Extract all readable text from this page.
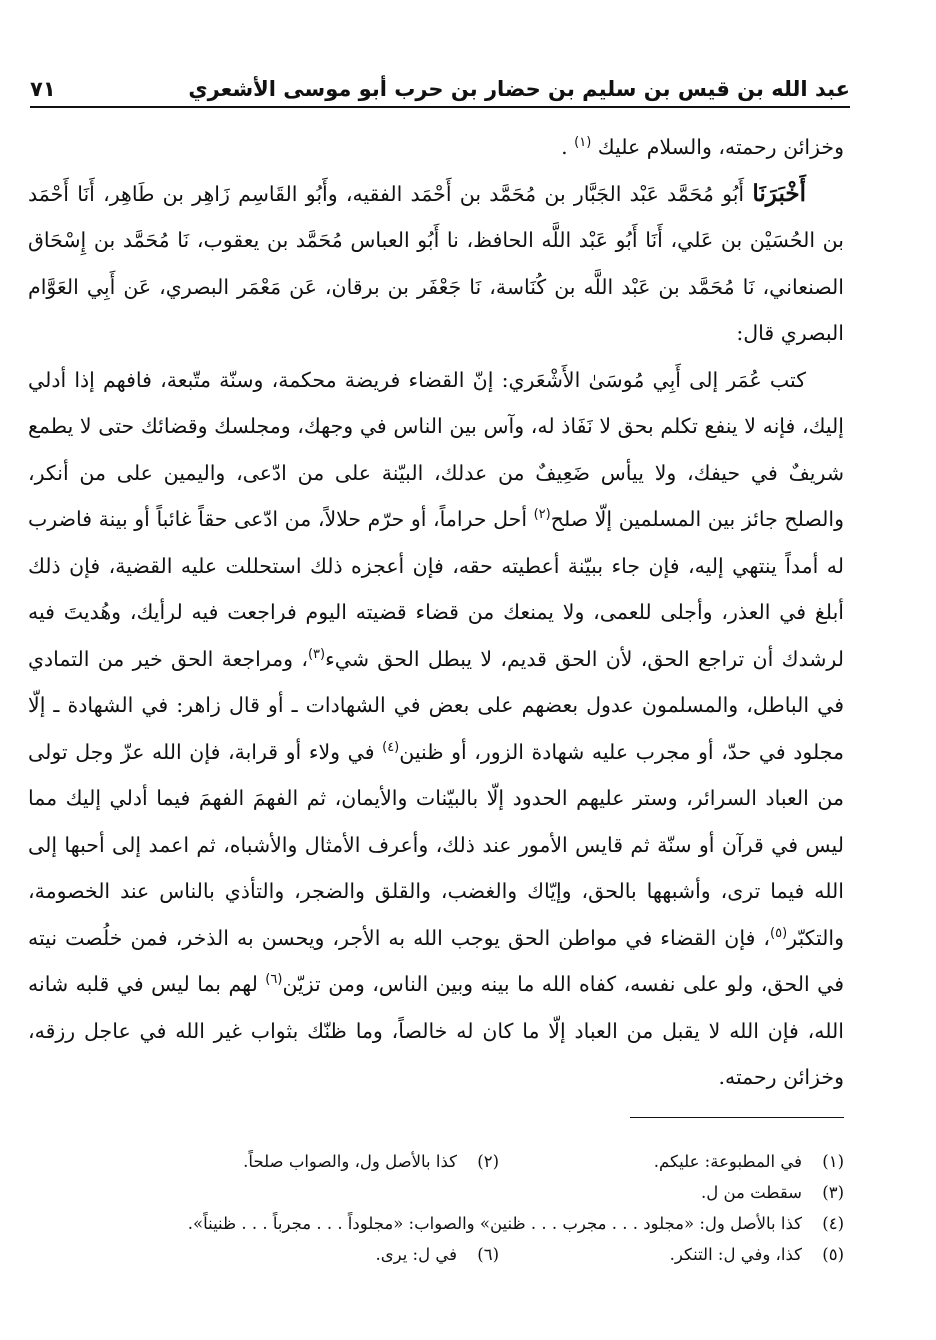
عبد الله بن قيس بن سليم بن حضار بن حرب أبو موسى الأشعري
٧١

وخزائن رحمته، والسلام عليك $^{(١)}$ .

أَخْبَرَنَا أَبُو مُحَمَّد عَبْد الجَبَّار بن مُحَمَّد بن أَحْمَد الفقيه، وأَبُو القَاسِم زَاهِر بن طَاهِر، أَنَا أَحْمَد بن الحُسَيْن بن عَلي، أَنَا أَبُو عَبْد اللَّه الحافظ، نا أَبُو العباس مُحَمَّد بن يعقوب، نَا مُحَمَّد بن إِسْحَاق الصنعاني، نَا مُحَمَّد بن عَبْد اللَّه بن كُنَاسة، نَا جَعْفَر بن برقان، عَن مَعْمَر البصري، عَن أَبِي العَوَّام البصري قال:

كتب عُمَر إلى أَبِي مُوسَىٰ الأَشْعَري: إنّ القضاء فريضة محكمة، وسنّة متّبعة، فافهم إذا أدلي إليك، فإنه لا ينفع تكلم بحق لا نَفَاذ له، وآس بين الناس في وجهك، ومجلسك وقضائك حتى لا يطمع شريفٌ في حيفك، ولا ييأس ضَعِيفٌ من عدلك، البيّنة على من ادّعى، واليمين على من أنكر، والصلح جائز بين المسلمين إلّا صلح$^{(٢)}$ أحل حراماً، أو حرّم حلالاً، من ادّعى حقاً غائباً أو بينة فاضرب له أمداً ينتهي إليه، فإن جاء ببيّنة أعطيته حقه، فإن أعجزه ذلك استحللت عليه القضية، فإن ذلك أبلغ في العذر، وأجلى للعمى، ولا يمنعك من قضاء قضيته اليوم فراجعت فيه لرأيك، وهُديتَ فيه لرشدك أن تراجع الحق، لأن الحق قديم، لا يبطل الحق شيء$^{(٣)}$، ومراجعة الحق خير من التمادي في الباطل، والمسلمون عدول بعضهم على بعض في الشهادات ـ أو قال زاهر: في الشهادة ـ إلّا مجلود في حدّ، أو مجرب عليه شهادة الزور، أو ظنين$^{(٤)}$ في ولاء أو قرابة، فإن الله عزّ وجل تولى من العباد السرائر، وستر عليهم الحدود إلّا بالبيّنات والأيمان، ثم الفهمَ الفهمَ فيما أدلي إليك مما ليس في قرآن أو سنّة ثم قايس الأمور عند ذلك، وأعرف الأمثال والأشباه، ثم اعمد إلى أحبها إلى الله فيما ترى، وأشبهها بالحق، وإيّاك والغضب، والقلق والضجر، والتأذي بالناس عند الخصومة، والتكبّر$^{(٥)}$، فإن القضاء في مواطن الحق يوجب الله به الأجر، ويحسن به الذخر، فمن خلُصت نيته في الحق، ولو على نفسه، كفاه الله ما بينه وبين الناس، ومن تزيّن$^{(٦)}$ لهم بما ليس في قلبه شانه الله، فإن الله لا يقبل من العباد إلّا ما كان له خالصاً، وما ظنّك بثواب غير الله في عاجل رزقه، وخزائن رحمته.

(١)
في المطبوعة: عليكم.
(٢)
كذا بالأصل ول، والصواب صلحاً.
(٣)
سقطت من ل.
(٤)
كذا بالأصل ول: «مجلود . . . مجرب . . . ظنين» والصواب: «مجلوداً . . . مجرباً . . . ظنيناً».
(٥)
كذا، وفي ل: التنكر.
(٦)
في ل: يرى.
